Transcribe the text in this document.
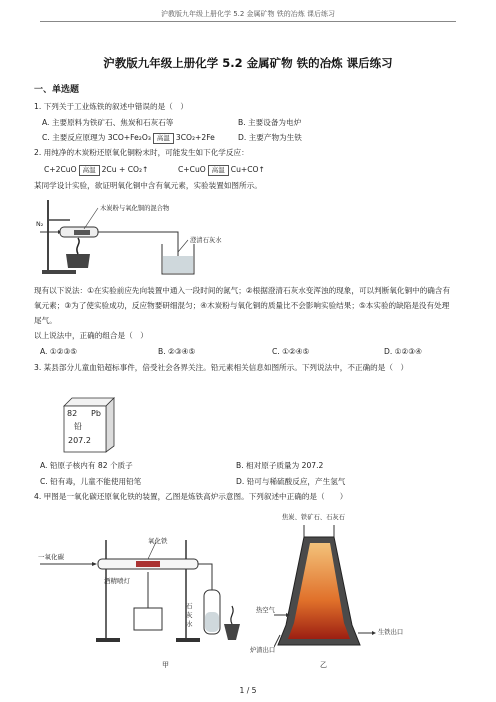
沪教版九年级上册化学 5.2 金属矿物 铁的冶炼 课后练习
沪教版九年级上册化学 5.2 金属矿物 铁的冶炼 课后练习
一、单选题
1. 下列关于工业炼铁的叙述中错误的是（　）
A. 主要原料为铁矿石、焦炭和石灰石等	B. 主要设备为电炉
C. 主要反应原理为 3CO+Fe₂O₃ 高温 3CO₂+2Fe	D. 主要产物为生铁
2. 用纯净的木炭粉还原氧化铜粉末时，可能发生如下化学反应：
C+2CuO 高温 2Cu + CO₂↑	C+CuO 高温 Cu+CO↑
某同学设计实验，欲证明氧化铜中含有氧元素，实验装置如图所示。
木炭粉与氧化铜的混合物
N₂
澄清石灰水
现有以下说法：①在实验前应先向装置中通入一段时间的氮气；②根据澄清石灰水变浑浊的现象，可以判断氧化铜中的确含有氧元素；③为了使实验成功，反应物要研细混匀；④木炭粉与氧化铜的质量比不会影响实验结果；⑤本实验的缺陷是没有处理尾气。
以上说法中，正确的组合是（　）
A. ①②③⑤	B. ②③④⑤	C. ①②④⑤	D. ①②③④
3. 某县部分儿童血铅超标事件，倍受社会各界关注。铅元素相关信息如图所示。下列说法中，不正确的是（　）
82 Pb
铅
207.2
A. 铅原子核内有 82 个质子	B. 相对原子质量为 207.2
C. 铅有毒，儿童不能使用铅笔	D. 铅可与稀硫酸反应，产生氢气
4. 甲图是一氧化碳还原氧化铁的装置，乙图是炼铁高炉示意图。下列叙述中正确的是（　　）
一氧化碳
氧化铁
酒精喷灯
石灰水
甲
焦炭、铁矿石、石灰石
热空气
炉渣出口
生铁出口
乙
1 / 5
